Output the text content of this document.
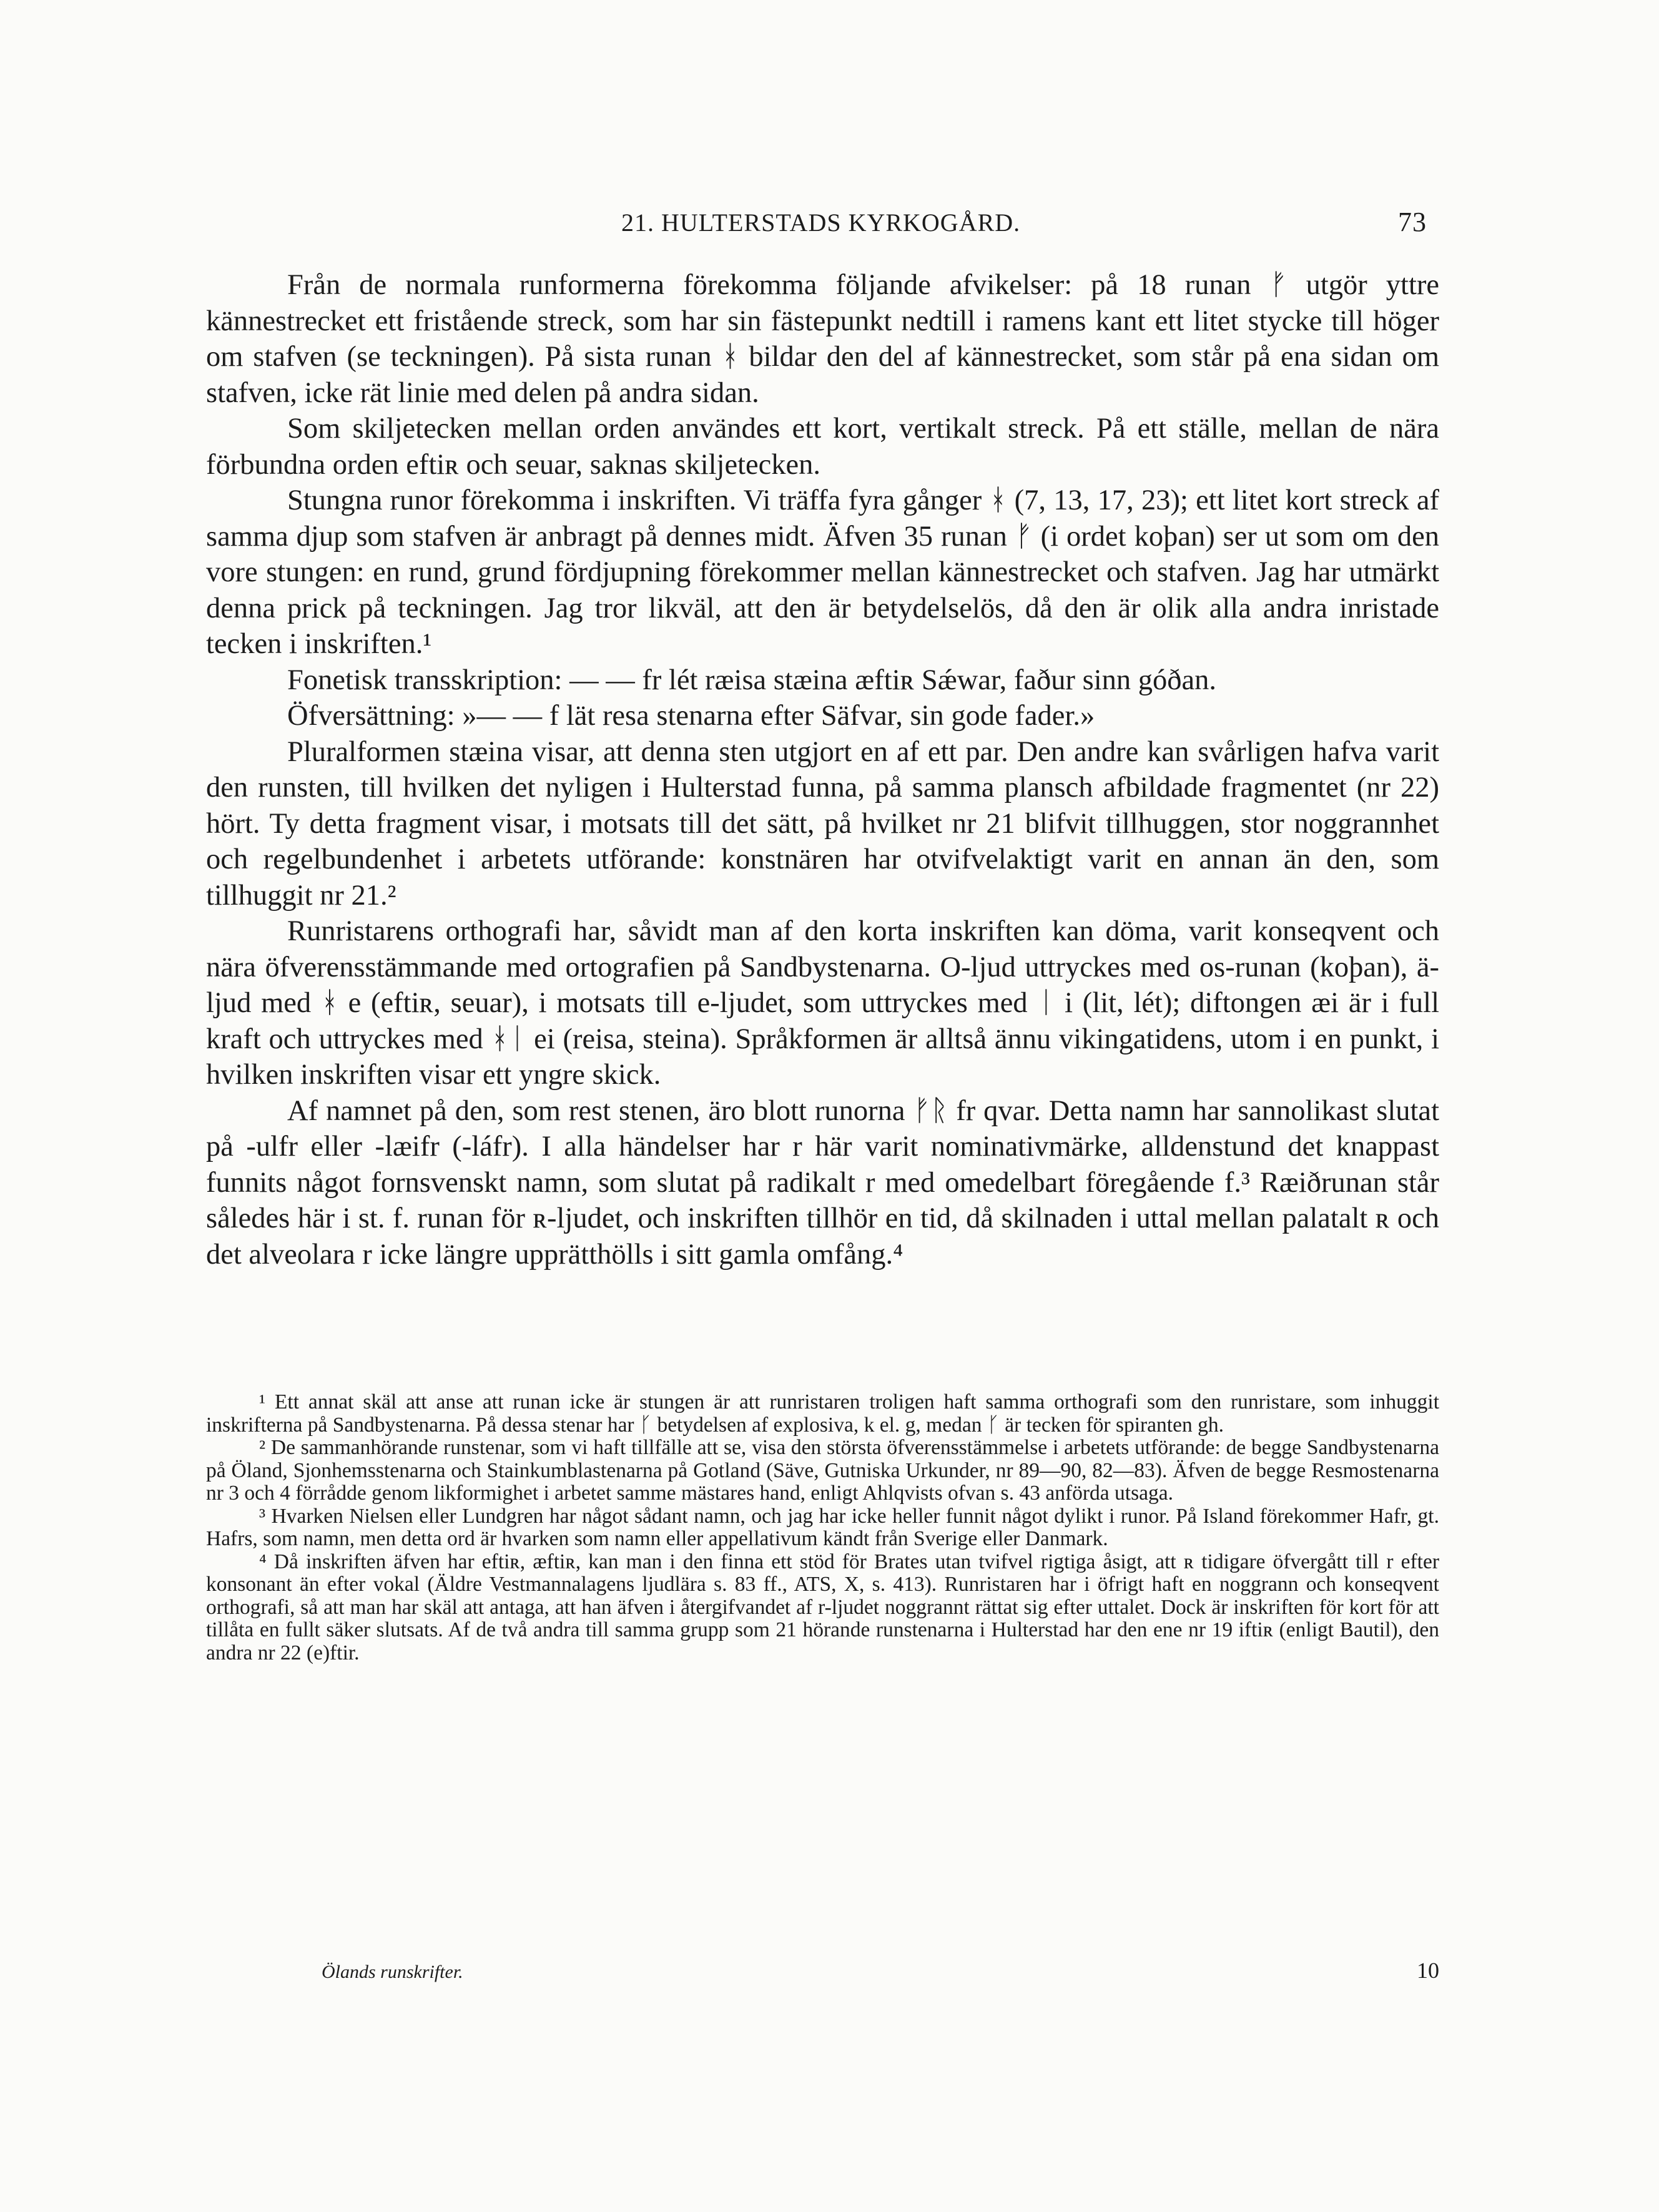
21. HULTERSTADS KYRKOGÅRD.	73

Från de normala runformerna förekomma följande afvikelser: på 18 runan ᚠ utgör yttre kännestrecket ett fristående streck, som har sin fästepunkt nedtill i ramens kant ett litet stycke till höger om stafven (se teckningen). På sista runan ᚼ bildar den del af kännestrecket, som står på ena sidan om stafven, icke rät linie med delen på andra sidan.

Som skiljetecken mellan orden användes ett kort, vertikalt streck. På ett ställe, mellan de nära förbundna orden eftiʀ och seuar, saknas skiljetecken.

Stungna runor förekomma i inskriften. Vi träffa fyra gånger ᚼ (7, 13, 17, 23); ett litet kort streck af samma djup som stafven är anbragt på dennes midt. Äfven 35 runan ᚠ (i ordet koþan) ser ut som om den vore stungen: en rund, grund fördjupning förekommer mellan kännestrecket och stafven. Jag har utmärkt denna prick på teckningen. Jag tror likväl, att den är betydelselös, då den är olik alla andra inristade tecken i inskriften.¹

Fonetisk transskription: — — fr lét ræisa stæina æftiʀ Sǽwar, faður sinn góðan.

Öfversättning: »— — f lät resa stenarna efter Säfvar, sin gode fader.»

Pluralformen stæina visar, att denna sten utgjort en af ett par. Den andre kan svårligen hafva varit den runsten, till hvilken det nyligen i Hulterstad funna, på samma plansch afbildade fragmentet (nr 22) hört. Ty detta fragment visar, i motsats till det sätt, på hvilket nr 21 blifvit tillhuggen, stor noggrannhet och regelbundenhet i arbetets utförande: konstnären har otvifvelaktigt varit en annan än den, som tillhuggit nr 21.²

Runristarens orthografi har, såvidt man af den korta inskriften kan döma, varit konseqvent och nära öfverensstämmande med ortografien på Sandbystenarna. O-ljud uttryckes med os-runan (koþan), ä-ljud med ᚼ e (eftiʀ, seuar), i motsats till e-ljudet, som uttryckes med ᛁ i (lit, lét); diftongen æi är i full kraft och uttryckes med ᚼᛁ ei (reisa, steina). Språkformen är alltså ännu vikingatidens, utom i en punkt, i hvilken inskriften visar ett yngre skick.

Af namnet på den, som rest stenen, äro blott runorna ᚠᚱ fr qvar. Detta namn har sannolikast slutat på -ulfr eller -læifr (-láfr). I alla händelser har r här varit nominativmärke, alldenstund det knappast funnits något fornsvenskt namn, som slutat på radikalt r med omedelbart föregående f.³ Ræiðrunan står således här i st. f. runan för ʀ-ljudet, och inskriften tillhör en tid, då skilnaden i uttal mellan palatalt ʀ och det alveolara r icke längre upprätthölls i sitt gamla omfång.⁴

¹ Ett annat skäl att anse att runan icke är stungen är att runristaren troligen haft samma orthografi som den runristare, som inhuggit inskrifterna på Sandbystenarna. På dessa stenar har ᚴ betydelsen af explosiva, k el. g, medan ᚴ är tecken för spiranten gh.

² De sammanhörande runstenar, som vi haft tillfälle att se, visa den största öfverensstämmelse i arbetets utförande: de begge Sandbystenarna på Öland, Sjonhemsstenarna och Stainkumblastenarna på Gotland (Säve, Gutniska Urkunder, nr 89—90, 82—83). Äfven de begge Resmostenarna nr 3 och 4 förrådde genom likformighet i arbetet samme mästares hand, enligt Ahlqvists ofvan s. 43 anförda utsaga.

³ Hvarken Nielsen eller Lundgren har något sådant namn, och jag har icke heller funnit något dylikt i runor. På Island förekommer Hafr, gt. Hafrs, som namn, men detta ord är hvarken som namn eller appellativum kändt från Sverige eller Danmark.

⁴ Då inskriften äfven har eftiʀ, æftiʀ, kan man i den finna ett stöd för Brates utan tvifvel rigtiga åsigt, att ʀ tidigare öfvergått till r efter konsonant än efter vokal (Äldre Vestmannalagens ljudlära s. 83 ff., ATS, X, s. 413). Runristaren har i öfrigt haft en noggrann och konseqvent orthografi, så att man har skäl att antaga, att han äfven i återgifvandet af r-ljudet noggrannt rättat sig efter uttalet. Dock är inskriften för kort för att tillåta en fullt säker slutsats. Af de två andra till samma grupp som 21 hörande runstenarna i Hulterstad har den ene nr 19 iftiʀ (enligt Bautil), den andra nr 22 (e)ftir.

Ölands runskrifter.	10
